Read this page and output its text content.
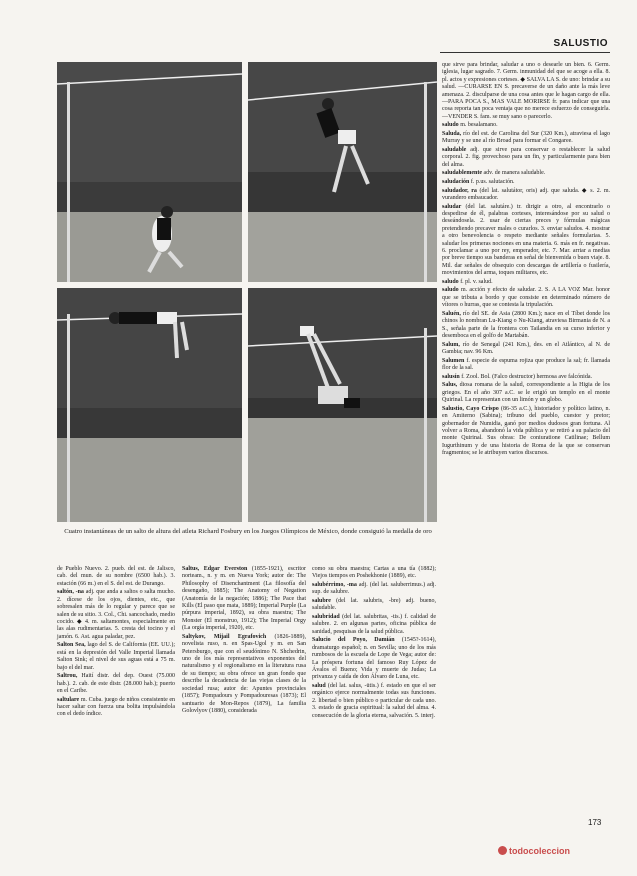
SALUSTIO
Cuatro instantáneas de un salto de altura del atleta Richard Fosbury en los Juegos Olímpicos de México, donde consiguió la medalla de oro
que sirve para brindar, saludar a uno o desearle un bien. 6. Germ. iglesia, lugar sagrado. 7. Germ. inmunidad del que se acoge a ella. 8. pl. actos y expresiones corteses. ◆ SALVA LA S. de uno: brindar a su salud. —CURARSE EN S. precaverse de un daño ante la más leve amenaza. 2. disculparse de una cosa antes que le hagan cargo de ella. —PARA POCA S., MAS VALE MORIRSE fr. para indicar que una cosa reporta tan poca ventaja que no merece esfuerzo de conseguirla. —VENDER S. fam. se muy sano o parecerlo.
saludo m. besalamano.
Saluda, río del est. de Carolina del Sur (320 Km.), atraviesa el lago Murray y se une al río Broad para formar el Congaree.
saludable adj. que sirve para conservar o restablecer la salud corporal. 2. fig. provechoso para un fin, y particularmente para bien del alma.
saludablemente adv. de manera saludable.
saludación f. p.us. salutación.
saludador, ra (del lat. salutátor, oris) adj. que saluda. ◆ s. 2. m. vurandero embaucador.
saludar (del lat. salutáre.) tr. dirigir a otro, al encontrarlo o despedirse de él, palabras corteses, interesándose por su salud o deseándosela. 2. usar de ciertas preces y fórmulas mágicas pretendiendo precaver males o curarlos. 3. enviar saludos. 4. mostrar a otro benevolencia o respeto mediante señales formularias. 5. saludar los primeras nociones en una materia. 6. más en fr. negativas. 6. proclamar a uno por rey, emperador, etc. 7. Mar. arriar a medias por breve tiempo sus banderas en señal de bienvenida o buen viaje. 8. Mil. dar señales de obsequio con descargas de artillería o fusilería, movimientos del arma, toques militares, etc.
saludo f. pl. v. salud.
saludo m. acción y efecto de saludar. 2. S. A LA VOZ Mar. honor que se tributa a bordo y que consiste en determinado número de vítores o hurras, que se contesta la tripulación.
Saluén, río del SE. de Asia (2800 Km.); nace en el Tíbet donde los chinos lo nombran Lu-Kiang o Nu-Kiang, atraviesa Birmania de N. a S., señala parte de la frontera con Tailandia en su curso inferior y desemboca en el golfo de Martabán.
Salum, río de Senegal (241 Km.), des. en el Atlántico, al N. de Gambia; nav. 96 Km.
Salumen f. especie de espuma rojiza que produce la sal; fr. llamada flor de la sal.
salusín f. Zool. Bol. (Falco destructor) hermosa ave falcónida.
Salus, diosa romana de la salud, correspondiente a la Higia de los griegos. En el año 307 a.C. se le erigió un templo en el monte Quirinal. La representan con un limón y un globo.
Salustio, Cayo Crispo (86-35 a.C.), historiador y político latino, n. en Amiterno (Sabina); tribuno del pueblo, cuestor y pretor; gobernador de Numidia, ganó por medios dudosos gran fortuna. Al volver a Roma, abandonó la vida pública y se retiró a su palacio del monte Quirinal. Sus obras: De coniuratione Catilinae; Bellum Iugurthinum y de una historia de Roma de la que se conservan fragmentos; se le atribuyen varios discursos.
de Pueblo Nuevo. 2. pueb. del est. de Jalisco, cab. del mun. de su nombre (6500 hab.). 3. estación (66 m.) en el S. del est. de Durango.
saltón, -na adj. que anda a saltos o salta mucho. 2. dícese de los ojos, dientes, etc., que sobresalen más de lo regular y parece que se salen de su sitio. 3. Col., Chi. sancochado, medio cocido. ◆ 4. m. saltamontes, especialmente en las alas rudimentarias. 5. cresta del tocino y el jamón. 6. Ast. agua paladar, pez.
Salton Sea, lago del S. de California (EE. UU.); está en la depresión del Valle Imperial llamada Salton Sink; el nivel de sus aguas está a 75 m. bajo el del mar.
Saltrou, Haití distr. del dep. Ouest (75.000 hab.). 2. cab. de este distr. (28.000 hab.); puerto en el Caribe.
saltulare m. Cuba. juego de niños consistente en hacer saltar con fuerza una bolita impulsándola con el dedo índice.
Saltus, Edgar Everston (1855-1921), escritor norteam., n. y m. en Nueva York; autor de: The Philosophy of Disenchantment (La filosofía del desengaño, 1885); The Anatomy of Negation (Anatomía de la negación; 1886); The Pace that Kills (El paso que mata, 1889); Imperial Purple (La púrpura imperial, 1892), su obra maestra; The Monster (El monstruo, 1912); The Imperial Orgy (La orgía imperial, 1920), etc.
Saltykov, Mijail Egrafovich (1826-1889), novelista ruso, n. en Spas-Ugol y m. en San Petersburgo, que con el seudónimo N. Shchedrin, uno de los más representativos exponentes del naturalismo y el regionalismo en la literatura rusa de su tiempo; su obra ofrece un gran fondo que describe la decadencia de las viejas clases de la sociedad rusa; autor de: Apuntes provinciales (1857); Pompadours y Pompadouresas (1873); El santuario de Mon-Repos (1879), La familia Golovlyov (1880), considerada
como su obra maestra; Cartas a una tía (1882); Viejos tiempos en Poshekhonie (1889), etc.
salubérrimo, -ma adj. (del lat. saluberrimus.) adj. sup. de salubre.
salubre (del lat. salubris, -bre) adj. bueno, saludable.
salubridad (del lat. salubritas, -tis.) f. calidad de salubre. 2. en algunas partes, oficina pública de sanidad, pesquisas de la salud pública.
Salucio del Poyo, Damián (1545?-1614), dramaturgo español; n. en Sevilla; uno de los más rumbosos de la escuela de Lope de Vega; autor de: La próspera fortuna del famoso Ruy López de Ávalos el Bueno; Vida y muerte de Judas; La privanza y caída de don Álvaro de Luna, etc.
salud (del lat. salus, -ūtis.) f. estado en que el ser orgánico ejerce normalmente todas sus funciones. 2. libertad o bien público o particular de cada uno. 3. estado de gracia espiritual: la salud del alma. 4. consecución de la gloria eterna, salvación. 5. interj.
173
todocoleccion
